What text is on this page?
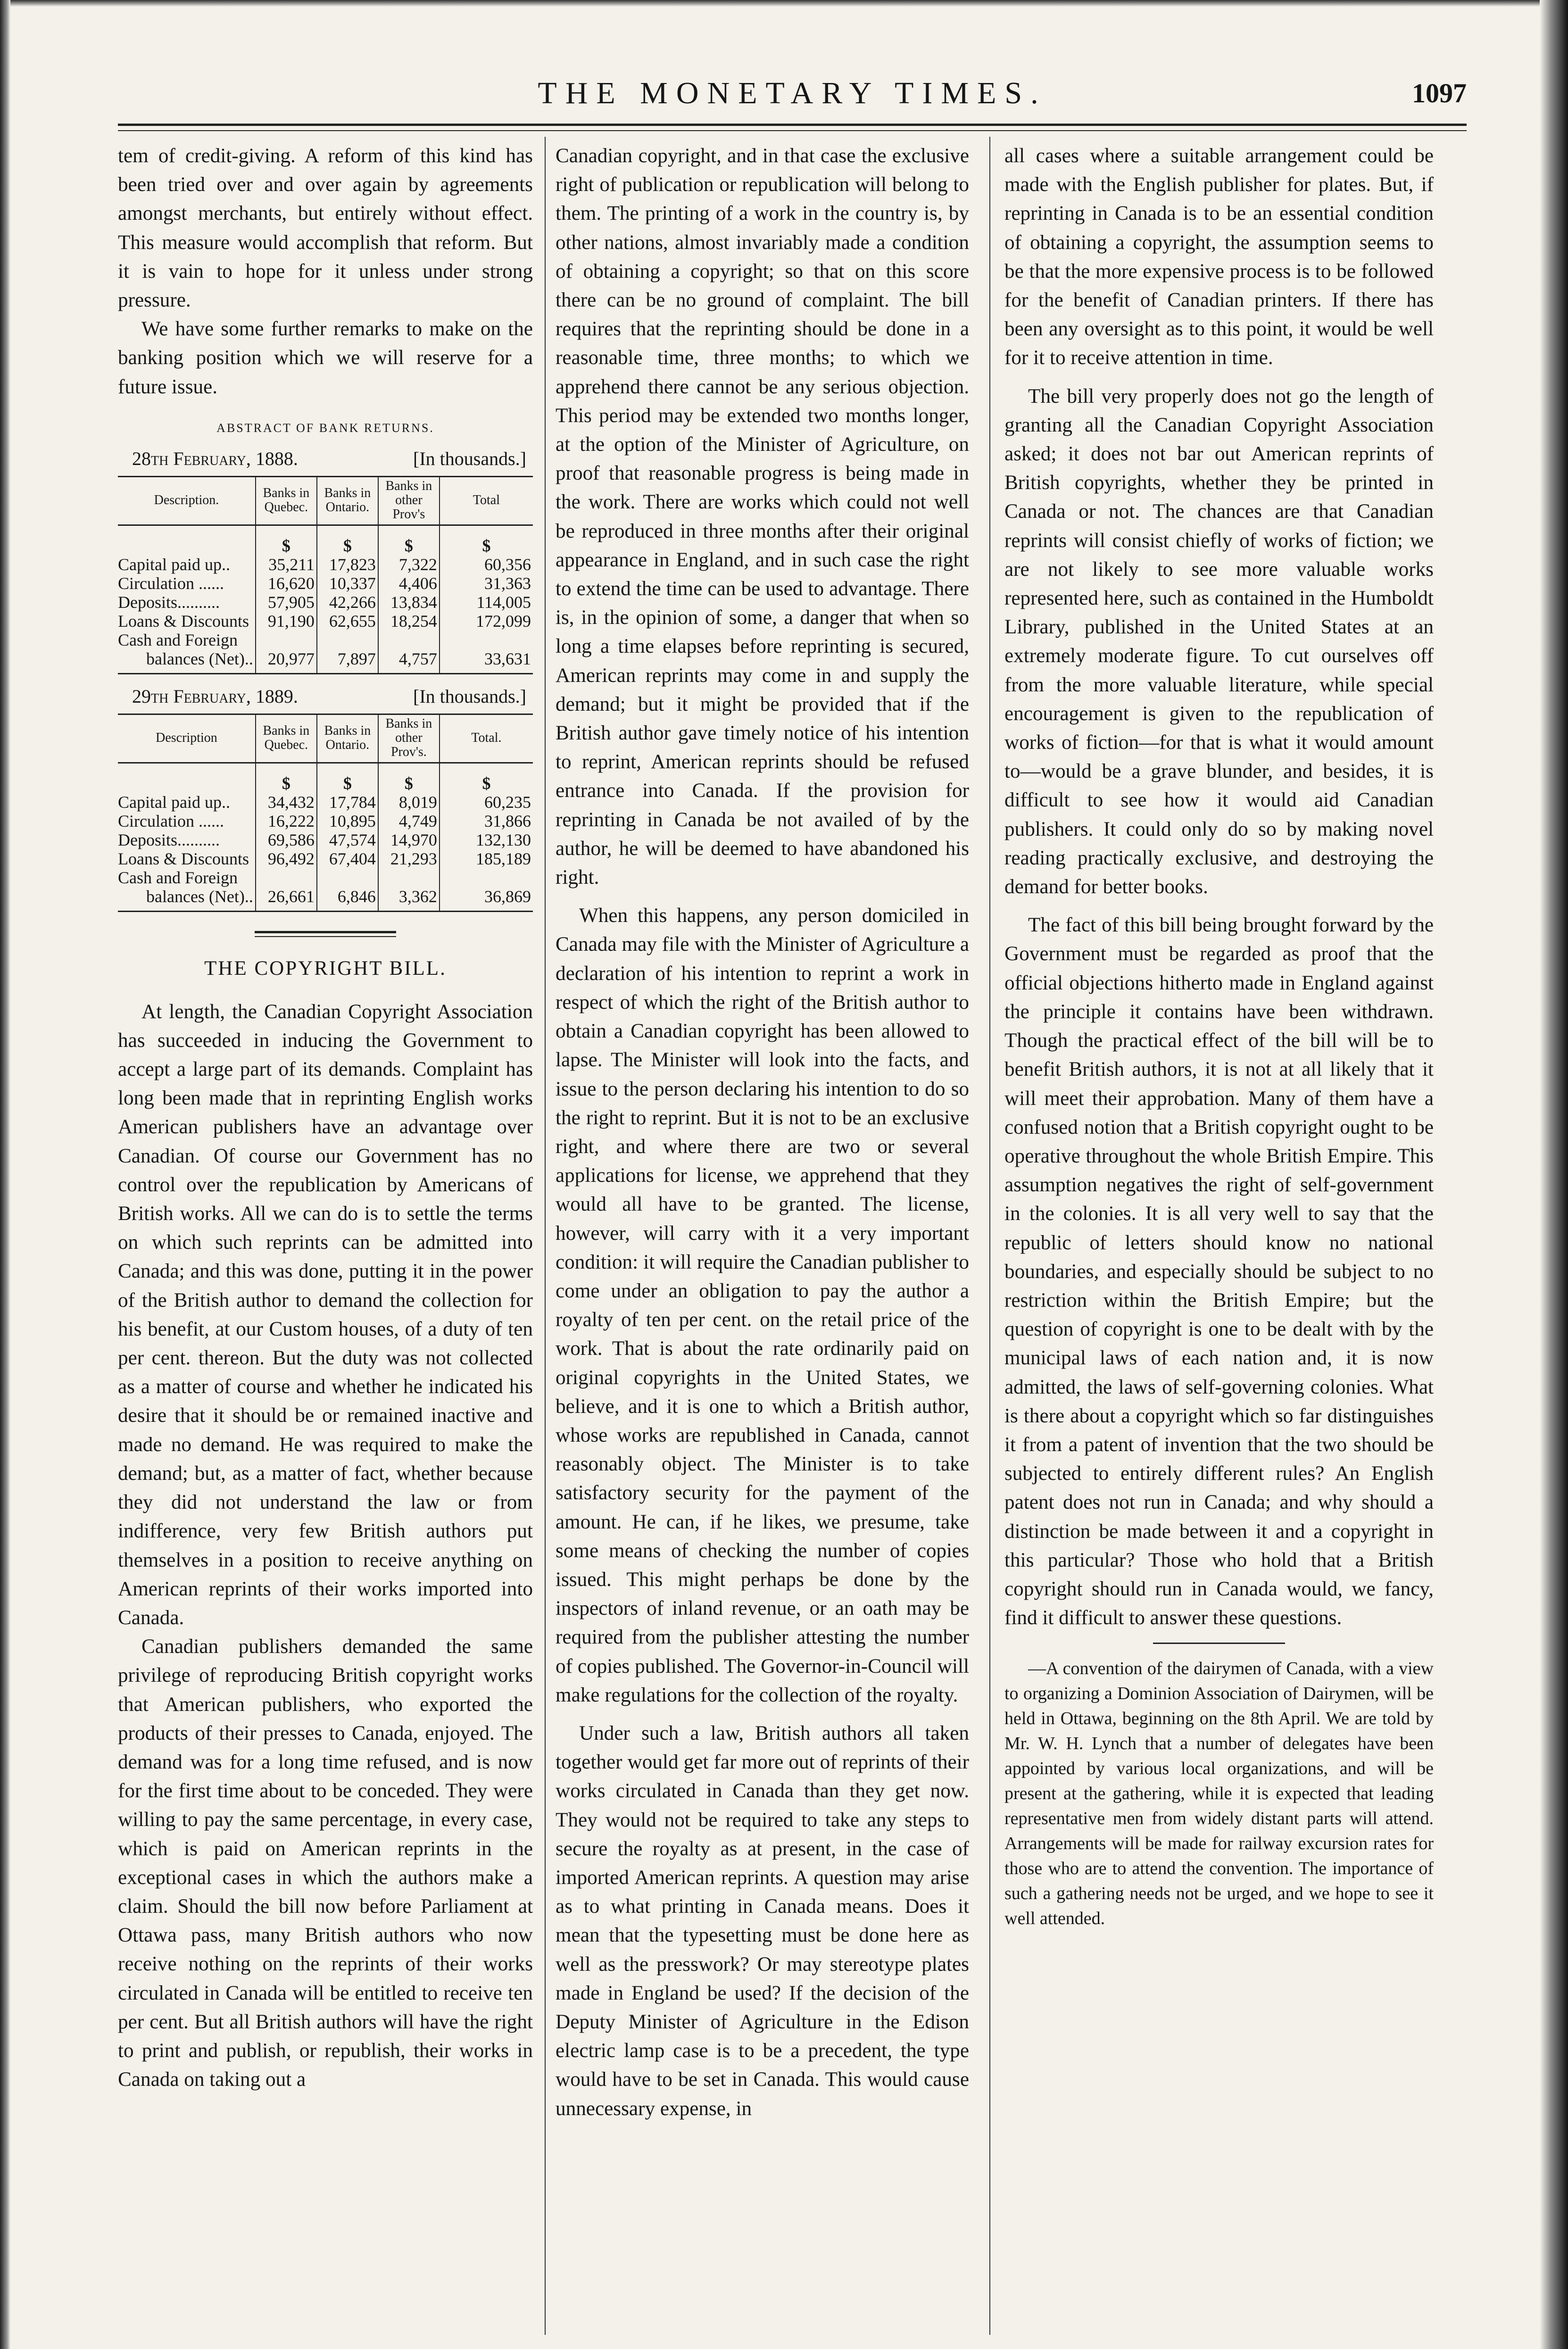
THE MONETARY TIMES.	1097

tem of credit-giving. A reform of this kind has been tried over and over again by agreements amongst merchants, but entirely without effect. This measure would accomplish that reform. But it is vain to hope for it unless under strong pressure.

We have some further remarks to make on the banking position which we will reserve for a future issue.

ABSTRACT OF BANK RETURNS.
28th February, 1888.	[In thousands.]
Description.	Banks in Quebec.	Banks in Ontario.	Banks in other Prov's	Total
	$	$	$	$
Capital paid up..	35,211	17,823	7,322	60,356
Circulation ......	16,620	10,337	4,406	31,363
Deposits..........	57,905	42,266	13,834	114,005
Loans & Discounts	91,190	62,655	18,254	172,099
Cash and Foreign				
balances (Net)..	20,977	7,897	4,757	33,631
29th February, 1889.	[In thousands.]
Description	Banks in Quebec.	Banks in Ontario.	Banks in other Prov's.	Total.
	$	$	$	$
Capital paid up..	34,432	17,784	8,019	60,235
Circulation ......	16,222	10,895	4,749	31,866
Deposits..........	69,586	47,574	14,970	132,130
Loans & Discounts	96,492	67,404	21,293	185,189
Cash and Foreign				
balances (Net)..	26,661	6,846	3,362	36,869

THE COPYRIGHT BILL.

At length, the Canadian Copyright Association has succeeded in inducing the Government to accept a large part of its demands. Complaint has long been made that in reprinting English works American publishers have an advantage over Canadian. Of course our Government has no control over the republication by Americans of British works. All we can do is to settle the terms on which such reprints can be admitted into Canada; and this was done, putting it in the power of the British author to demand the collection for his benefit, at our Custom houses, of a duty of ten per cent. thereon. But the duty was not collected as a matter of course and whether he indicated his desire that it should be or remained inactive and made no demand. He was required to make the demand; but, as a matter of fact, whether because they did not understand the law or from indifference, very few British authors put themselves in a position to receive anything on American reprints of their works imported into Canada.

Canadian publishers demanded the same privilege of reproducing British copyright works that American publishers, who exported the products of their presses to Canada, enjoyed. The demand was for a long time refused, and is now for the first time about to be conceded. They were willing to pay the same percentage, in every case, which is paid on American reprints in the exceptional cases in which the authors make a claim. Should the bill now before Parliament at Ottawa pass, many British authors who now receive nothing on the reprints of their works circulated in Canada will be entitled to receive ten per cent. But all British authors will have the right to print and publish, or republish, their works in Canada on taking out a

Canadian copyright, and in that case the exclusive right of publication or republication will belong to them. The printing of a work in the country is, by other nations, almost invariably made a condition of obtaining a copyright; so that on this score there can be no ground of complaint. The bill requires that the reprinting should be done in a reasonable time, three months; to which we apprehend there cannot be any serious objection. This period may be extended two months longer, at the option of the Minister of Agriculture, on proof that reasonable progress is being made in the work. There are works which could not well be reproduced in three months after their original appearance in England, and in such case the right to extend the time can be used to advantage. There is, in the opinion of some, a danger that when so long a time elapses before reprinting is secured, American reprints may come in and supply the demand; but it might be provided that if the British author gave timely notice of his intention to reprint, American reprints should be refused entrance into Canada. If the provision for reprinting in Canada be not availed of by the author, he will be deemed to have abandoned his right.

When this happens, any person domiciled in Canada may file with the Minister of Agriculture a declaration of his intention to reprint a work in respect of which the right of the British author to obtain a Canadian copyright has been allowed to lapse. The Minister will look into the facts, and issue to the person declaring his intention to do so the right to reprint. But it is not to be an exclusive right, and where there are two or several applications for license, we apprehend that they would all have to be granted. The license, however, will carry with it a very important condition: it will require the Canadian publisher to come under an obligation to pay the author a royalty of ten per cent. on the retail price of the work. That is about the rate ordinarily paid on original copyrights in the United States, we believe, and it is one to which a British author, whose works are republished in Canada, cannot reasonably object. The Minister is to take satisfactory security for the payment of the amount. He can, if he likes, we presume, take some means of checking the number of copies issued. This might perhaps be done by the inspectors of inland revenue, or an oath may be required from the publisher attesting the number of copies published. The Governor-in-Council will make regulations for the collection of the royalty.

Under such a law, British authors all taken together would get far more out of reprints of their works circulated in Canada than they get now. They would not be required to take any steps to secure the royalty as at present, in the case of imported American reprints. A question may arise as to what printing in Canada means. Does it mean that the typesetting must be done here as well as the presswork? Or may stereotype plates made in England be used? If the decision of the Deputy Minister of Agriculture in the Edison electric lamp case is to be a precedent, the type would have to be set in Canada. This would cause unnecessary expense, in

all cases where a suitable arrangement could be made with the English publisher for plates. But, if reprinting in Canada is to be an essential condition of obtaining a copyright, the assumption seems to be that the more expensive process is to be followed for the benefit of Canadian printers. If there has been any oversight as to this point, it would be well for it to receive attention in time.

The bill very properly does not go the length of granting all the Canadian Copyright Association asked; it does not bar out American reprints of British copyrights, whether they be printed in Canada or not. The chances are that Canadian reprints will consist chiefly of works of fiction; we are not likely to see more valuable works represented here, such as contained in the Humboldt Library, published in the United States at an extremely moderate figure. To cut ourselves off from the more valuable literature, while special encouragement is given to the republication of works of fiction—for that is what it would amount to—would be a grave blunder, and besides, it is difficult to see how it would aid Canadian publishers. It could only do so by making novel reading practically exclusive, and destroying the demand for better books.

The fact of this bill being brought forward by the Government must be regarded as proof that the official objections hitherto made in England against the principle it contains have been withdrawn. Though the practical effect of the bill will be to benefit British authors, it is not at all likely that it will meet their approbation. Many of them have a confused notion that a British copyright ought to be operative throughout the whole British Empire. This assumption negatives the right of self-government in the colonies. It is all very well to say that the republic of letters should know no national boundaries, and especially should be subject to no restriction within the British Empire; but the question of copyright is one to be dealt with by the municipal laws of each nation and, it is now admitted, the laws of self-governing colonies. What is there about a copyright which so far distinguishes it from a patent of invention that the two should be subjected to entirely different rules? An English patent does not run in Canada; and why should a distinction be made between it and a copyright in this particular? Those who hold that a British copyright should run in Canada would, we fancy, find it difficult to answer these questions.

—A convention of the dairymen of Canada, with a view to organizing a Dominion Association of Dairymen, will be held in Ottawa, beginning on the 8th April. We are told by Mr. W. H. Lynch that a number of delegates have been appointed by various local organizations, and will be present at the gathering, while it is expected that leading representative men from widely distant parts will attend. Arrangements will be made for railway excursion rates for those who are to attend the convention. The importance of such a gathering needs not be urged, and we hope to see it well attended.
